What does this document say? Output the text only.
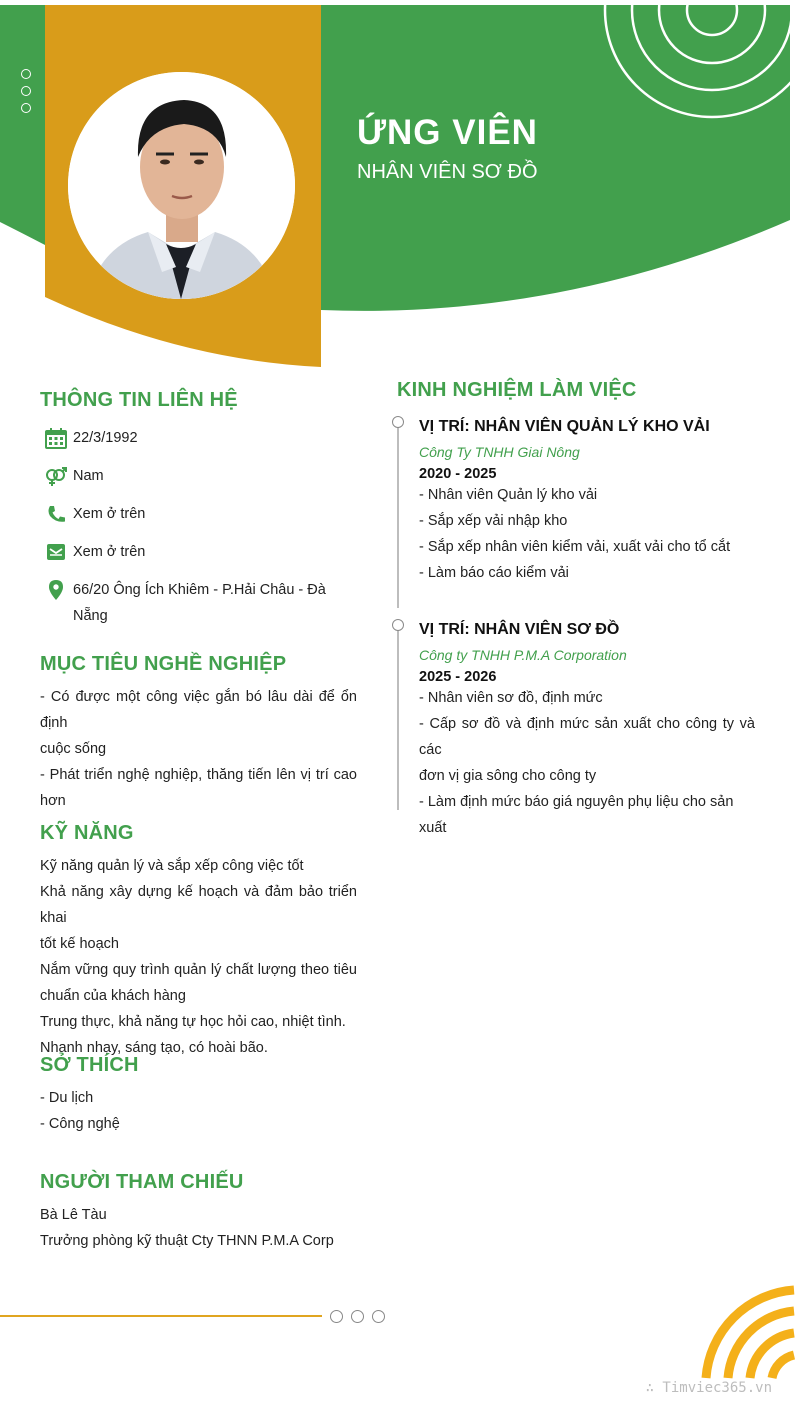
ỨNG VIÊN
NHÂN VIÊN SƠ ĐỒ
THÔNG TIN LIÊN HỆ
22/3/1992
Nam
Xem ở trên
Xem ở trên
66/20 Ông Ích Khiêm - P.Hải Châu - Đà
Nẵng
MỤC TIÊU NGHỀ NGHIỆP
- Có được một công việc gắn bó lâu dài để ổn định
cuộc sống
- Phát triển nghệ nghiệp, thăng tiến lên vị trí cao
hơn
KỸ NĂNG
Kỹ năng quản lý và sắp xếp công việc tốt
Khả năng xây dựng kế hoạch và đảm bảo triển khai
tốt kế hoạch
Nắm vững quy trình quản lý chất lượng theo tiêu
chuẩn của khách hàng
Trung thực, khả năng tự học hỏi cao, nhiệt tình.
Nhanh nhạy, sáng tạo, có hoài bão.
SỞ THÍCH
- Du lịch
- Công nghệ
NGƯỜI THAM CHIẾU
Bà Lê Tàu
Trưởng phòng kỹ thuật Cty THNN P.M.A Corp
KINH NGHIỆM LÀM VIỆC
VỊ TRÍ: NHÂN VIÊN QUẢN LÝ KHO VẢI
Công Ty TNHH Giai Nông
2020 - 2025
- Nhân viên Quản lý kho vải
- Sắp xếp vải nhập kho
- Sắp xếp nhân viên kiểm vải, xuất vải cho tổ cắt
- Làm báo cáo kiểm vải
VỊ TRÍ: NHÂN VIÊN SƠ ĐỒ
Công ty TNHH P.M.A Corporation
2025 - 2026
- Nhân viên sơ đồ, định mức
- Cấp sơ đồ và định mức sản xuất cho công ty và các
đơn vị gia sông cho công ty
- Làm định mức báo giá nguyên phụ liệu cho sản xuất
∴ Timviec365.vn
